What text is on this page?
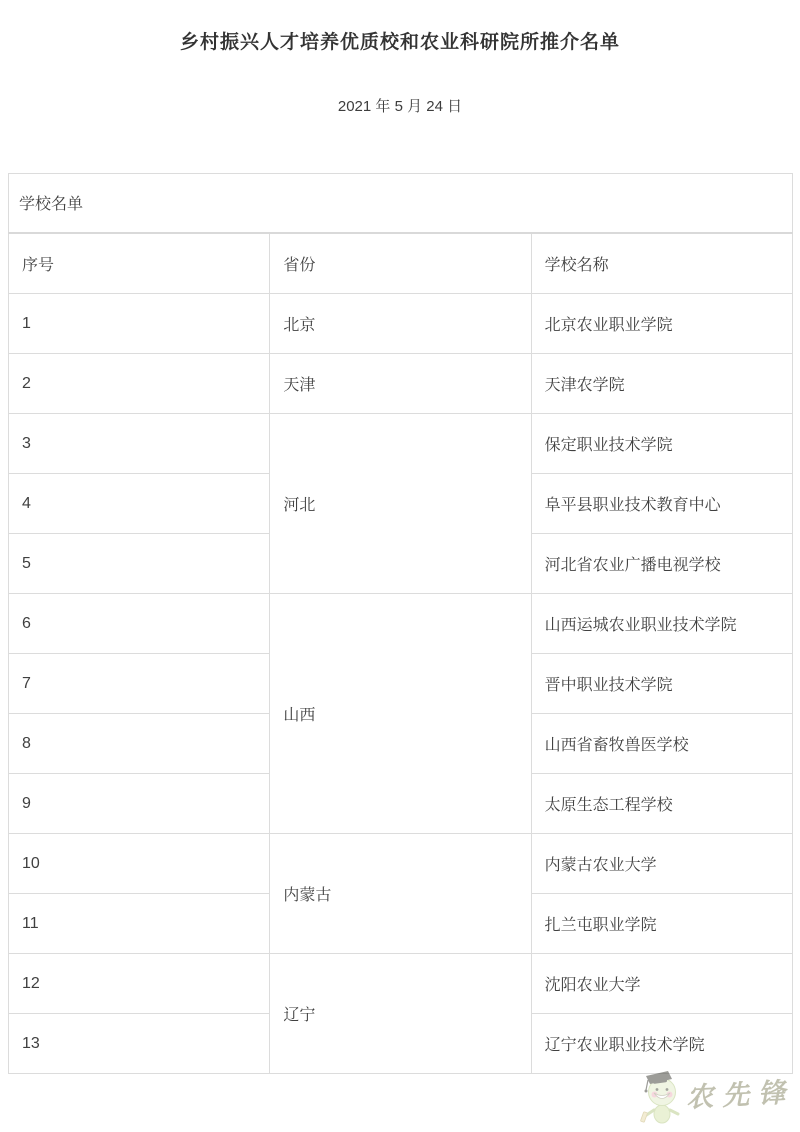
乡村振兴人才培养优质校和农业科研院所推介名单
2021 年 5 月 24 日
学校名单		
序号	省份	学校名称
1	北京	北京农业职业学院
2	天津	天津农学院
3	河北	保定职业技术学院
4		阜平县职业技术教育中心
5		河北省农业广播电视学校
6	山西	山西运城农业职业技术学院
7		晋中职业技术学院
8		山西省畜牧兽医学校
9		太原生态工程学校
10	内蒙古	内蒙古农业大学
11		扎兰屯职业学院
12	辽宁	沈阳农业大学
13		辽宁农业职业技术学院
农先锋
